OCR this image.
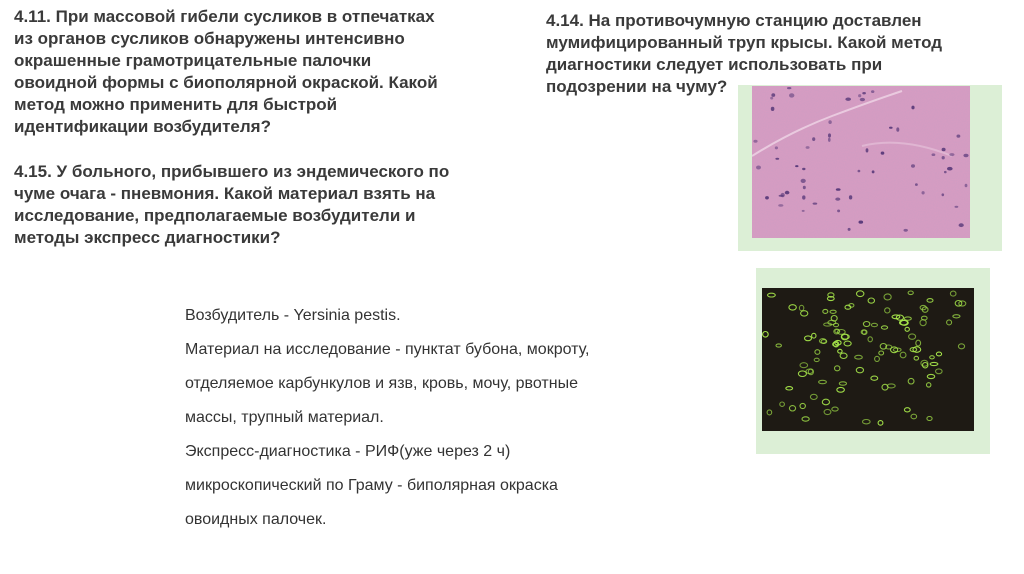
4.11. При массовой гибели сусликов в отпечатках
из органов сусликов обнаружены интенсивно
окрашенные грамотрицательные палочки
овоидной формы с биополярной окраской. Какой
метод можно применить для быстрой
идентификации возбудителя?
4.15. У больного, прибывшего из эндемического по
чуме очага - пневмония. Какой материал взять на
исследование, предполагаемые возбудители и
методы экспресс диагностики?
4.14. На противочумную станцию доставлен
мумифицированный труп крысы. Какой метод
диагностики следует использовать при
подозрении на чуму?

Возбудитель - Yersinia pestis.

Материал на исследование - пунктат бубона, мокроту,

отделяемое карбункулов и язв, кровь, мочу, рвотные

массы, трупный материал.

Экспресс-диагностика - РИФ(уже через 2 ч)

микроскопический по Граму - биполярная окраска

овоидных палочек.
